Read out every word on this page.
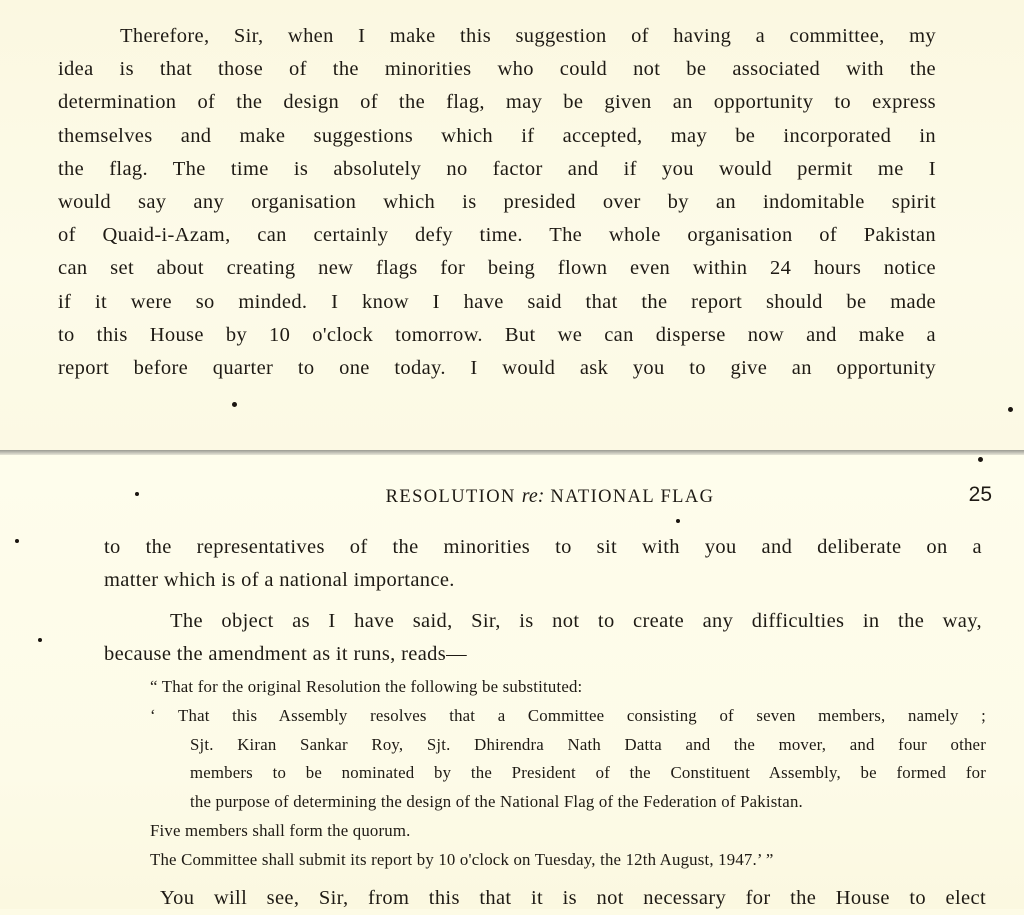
Therefore, Sir, when I make this suggestion of having a committee, my
idea is that those of the minorities who could not be associated with the
determination of the design of the flag, may be given an opportunity to express
themselves and make suggestions which if accepted, may be incorporated in
the flag. The time is absolutely no factor and if you would permit me I
would say any organisation which is presided over by an indomitable spirit
of Quaid-i-Azam, can certainly defy time. The whole organisation of Pakistan
can set about creating new flags for being flown even within 24 hours notice
if it were so minded. I know I have said that the report should be made
to this House by 10 o'clock tomorrow. But we can disperse now and make a
report before quarter to one today. I would ask you to give an opportunity
RESOLUTION re: NATIONAL FLAG	25
to the representatives of the minorities to sit with you and deliberate on a
matter which is of a national importance.
The object as I have said, Sir, is not to create any difficulties in the way,
because the amendment as it runs, reads—
“ That for the original Resolution the following be substituted:
‘ That this Assembly resolves that a Committee consisting of seven members, namely ;
Sjt. Kiran Sankar Roy, Sjt. Dhirendra Nath Datta and the mover, and four other
members to be nominated by the President of the Constituent Assembly, be formed for
the purpose of determining the design of the National Flag of the Federation of Pakistan.
Five members shall form the quorum.
The Committee shall submit its report by 10 o'clock on Tuesday, the 12th August, 1947.’ ”
You will see, Sir, from this that it is not necessary for the House to elect
